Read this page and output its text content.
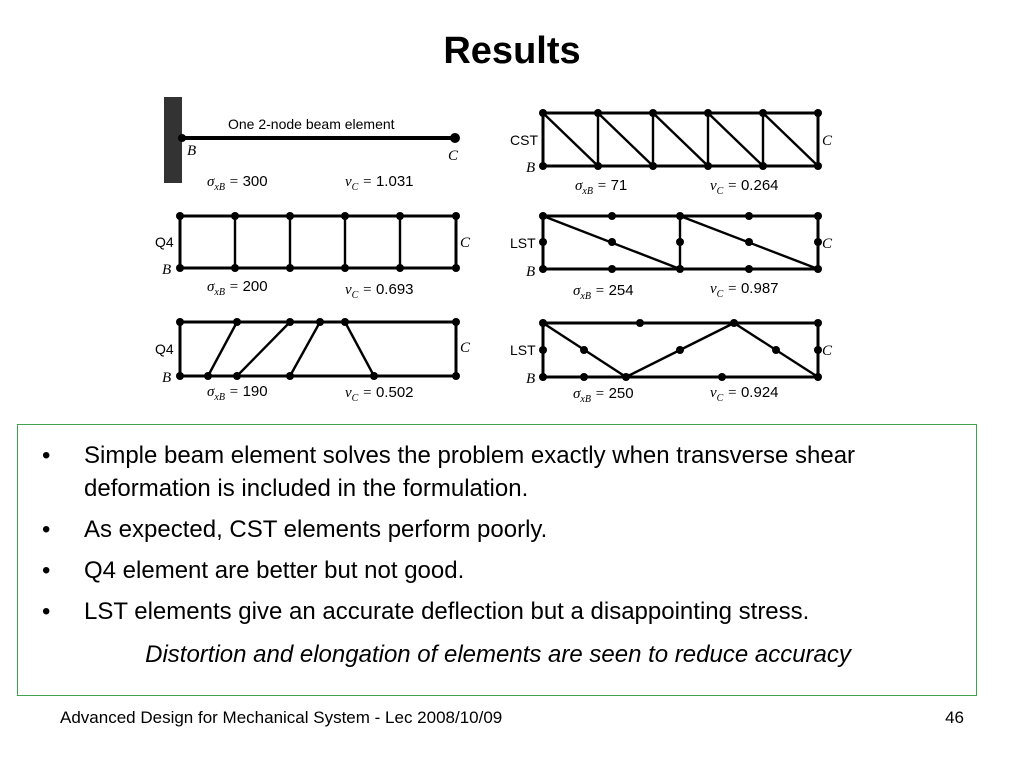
Results
One 2-node beam element
B	C
$\sigma_{xB} = 300$	$v_C = 1.031$
CST
B
C
$\sigma_{xB} = 71$	$v_C = 0.264$
Q4
B
C
$\sigma_{xB} = 200$	$v_C = 0.693$
LST
B
C
$\sigma_{xB} = 254$	$v_C = 0.987$
Q4
B
C
$\sigma_{xB} = 190$	$v_C = 0.502$
LST
B
C
$\sigma_{xB} = 250$	$v_C = 0.924$
• Simple beam element solves the problem exactly when transverse shear deformation is included in the formulation.
• As expected, CST elements perform poorly.
• Q4 element are better but not good.
• LST elements give an accurate deflection but a disappointing stress.
Distortion and elongation of elements are seen to reduce accuracy
Advanced Design for Mechanical System - Lec 2008/10/09	46
